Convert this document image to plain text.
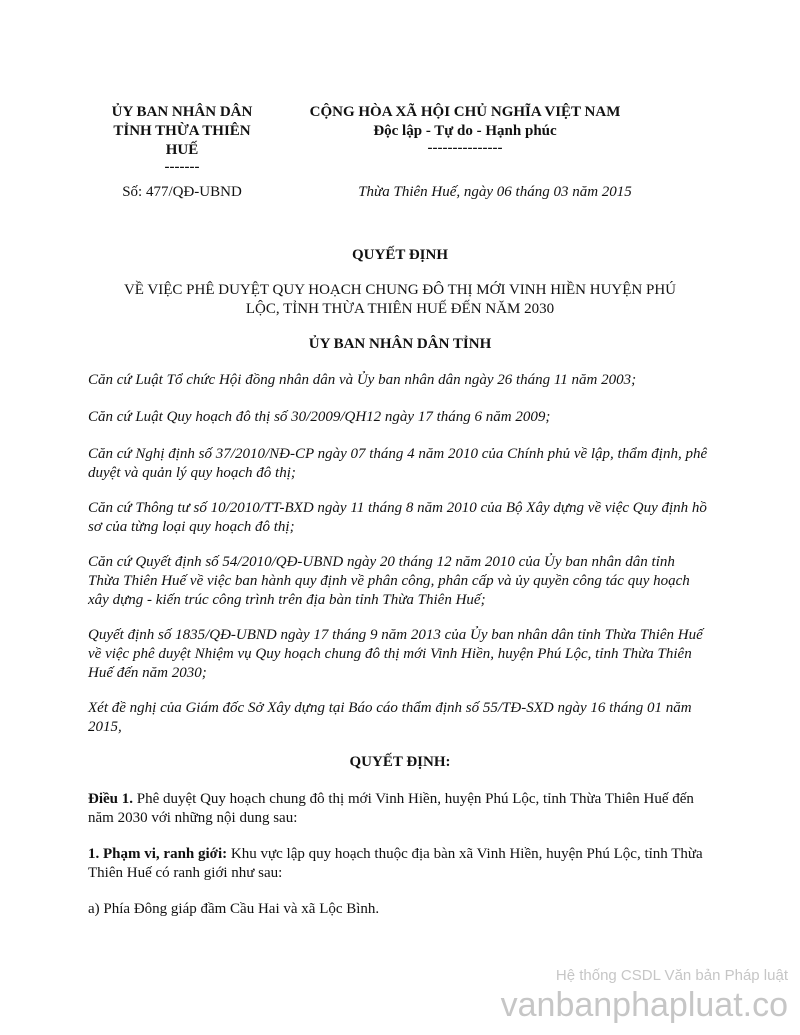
ỦY BAN NHÂN DÂN
TỈNH THỪA THIÊN
HUẾ
-------
CỘNG HÒA XÃ HỘI CHỦ NGHĨA VIỆT NAM
Độc lập - Tự do - Hạnh phúc
---------------
Số: 477/QĐ-UBND	Thừa Thiên Huế, ngày 06 tháng 03 năm 2015
QUYẾT ĐỊNH
VỀ VIỆC PHÊ DUYỆT QUY HOẠCH CHUNG ĐÔ THỊ MỚI VINH HIỀN HUYỆN PHÚ
LỘC, TỈNH THỪA THIÊN HUẾ ĐẾN NĂM 2030
ỦY BAN NHÂN DÂN TỈNH
Căn cứ Luật Tổ chức Hội đồng nhân dân và Ủy ban nhân dân ngày 26 tháng 11 năm 2003;
Căn cứ Luật Quy hoạch đô thị số 30/2009/QH12 ngày 17 tháng 6 năm 2009;
Căn cứ Nghị định số 37/2010/NĐ-CP ngày 07 tháng 4 năm 2010 của Chính phủ về lập, thẩm định, phê duyệt và quản lý quy hoạch đô thị;
Căn cứ Thông tư số 10/2010/TT-BXD ngày 11 tháng 8 năm 2010 của Bộ Xây dựng về việc Quy định hồ sơ của từng loại quy hoạch đô thị;
Căn cứ Quyết định số 54/2010/QĐ-UBND ngày 20 tháng 12 năm 2010 của Ủy ban nhân dân tỉnh Thừa Thiên Huế về việc ban hành quy định về phân công, phân cấp và ủy quyền công tác quy hoạch xây dựng - kiến trúc công trình trên địa bàn tỉnh Thừa Thiên Huế;
Quyết định số 1835/QĐ-UBND ngày 17 tháng 9 năm 2013 của Ủy ban nhân dân tỉnh Thừa Thiên Huế về việc phê duyệt Nhiệm vụ Quy hoạch chung đô thị mới Vinh Hiền, huyện Phú Lộc, tỉnh Thừa Thiên Huế đến năm 2030;
Xét đề nghị của Giám đốc Sở Xây dựng tại Báo cáo thẩm định số 55/TĐ-SXD ngày 16 tháng 01 năm 2015,
QUYẾT ĐỊNH:
Điều 1. Phê duyệt Quy hoạch chung đô thị mới Vinh Hiền, huyện Phú Lộc, tỉnh Thừa Thiên Huế đến năm 2030 với những nội dung sau:
1. Phạm vi, ranh giới: Khu vực lập quy hoạch thuộc địa bàn xã Vinh Hiền, huyện Phú Lộc, tỉnh Thừa Thiên Huế có ranh giới như sau:
a) Phía Đông giáp đầm Cầu Hai và xã Lộc Bình.
Hệ thống CSDL Văn bản Pháp luật
vanbanphapluat.co
